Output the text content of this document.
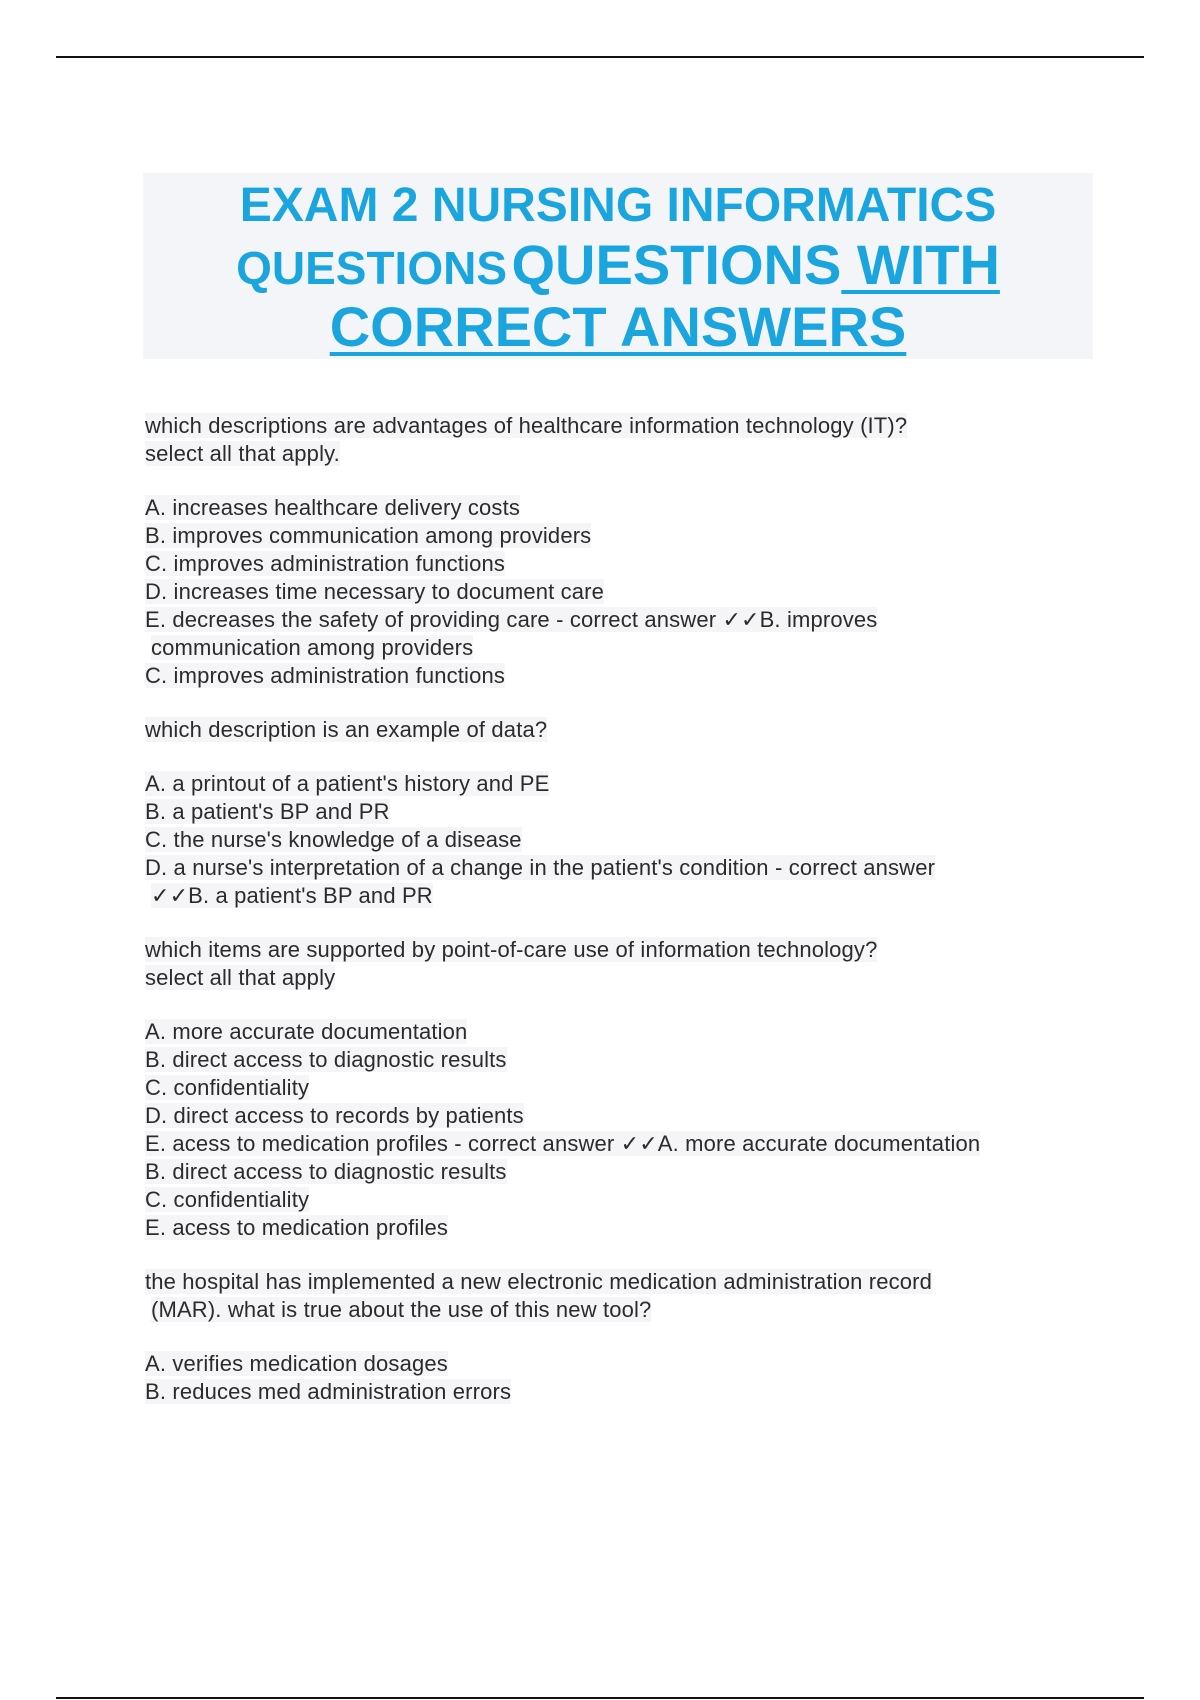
EXAM 2 NURSING INFORMATICS
QUESTIONS QUESTIONS WITH
CORRECT ANSWERS
which descriptions are advantages of healthcare information technology (IT)?
select all that apply.
A. increases healthcare delivery costs
B. improves communication among providers
C. improves administration functions
D. increases time necessary to document care
E. decreases the safety of providing care - correct answer ✓✓B. improves
communication among providers
C. improves administration functions
which description is an example of data?
A. a printout of a patient's history and PE
B. a patient's BP and PR
C. the nurse's knowledge of a disease
D. a nurse's interpretation of a change in the patient's condition - correct answer
✓✓B. a patient's BP and PR
which items are supported by point-of-care use of information technology?
select all that apply
A. more accurate documentation
B. direct access to diagnostic results
C. confidentiality
D. direct access to records by patients
E. acess to medication profiles - correct answer ✓✓A. more accurate documentation
B. direct access to diagnostic results
C. confidentiality
E. acess to medication profiles
the hospital has implemented a new electronic medication administration record
(MAR). what is true about the use of this new tool?
A. verifies medication dosages
B. reduces med administration errors
